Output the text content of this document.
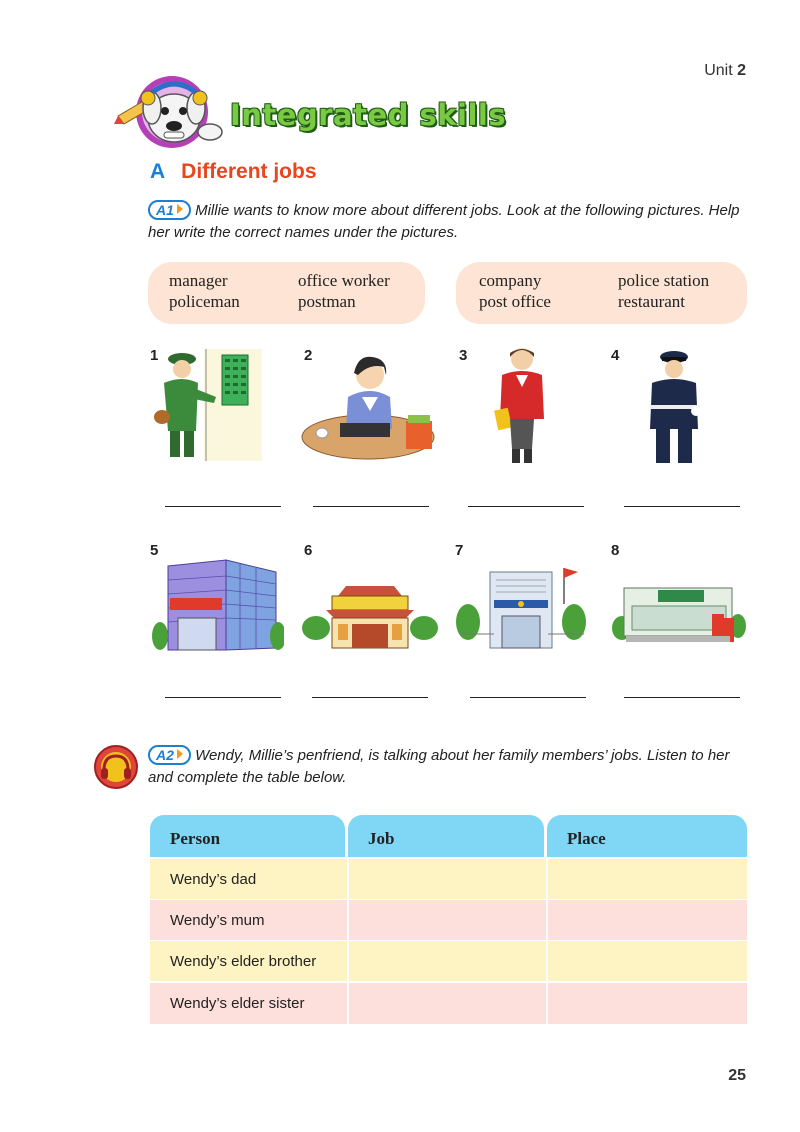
Unit 2
Integrated skills
A Different jobs
A1 Millie wants to know more about different jobs. Look at the following pictures. Help her write the correct names under the pictures.
manager	office worker
policeman	postman
company	police station
post office	restaurant
1	2	3	4
5	6	7	8
A2 Wendy, Millie’s penfriend, is talking about her family members’ jobs. Listen to her and complete the table below.
Person	Job	Place
Wendy’s dad
Wendy’s mum
Wendy’s elder brother
Wendy’s elder sister
25
